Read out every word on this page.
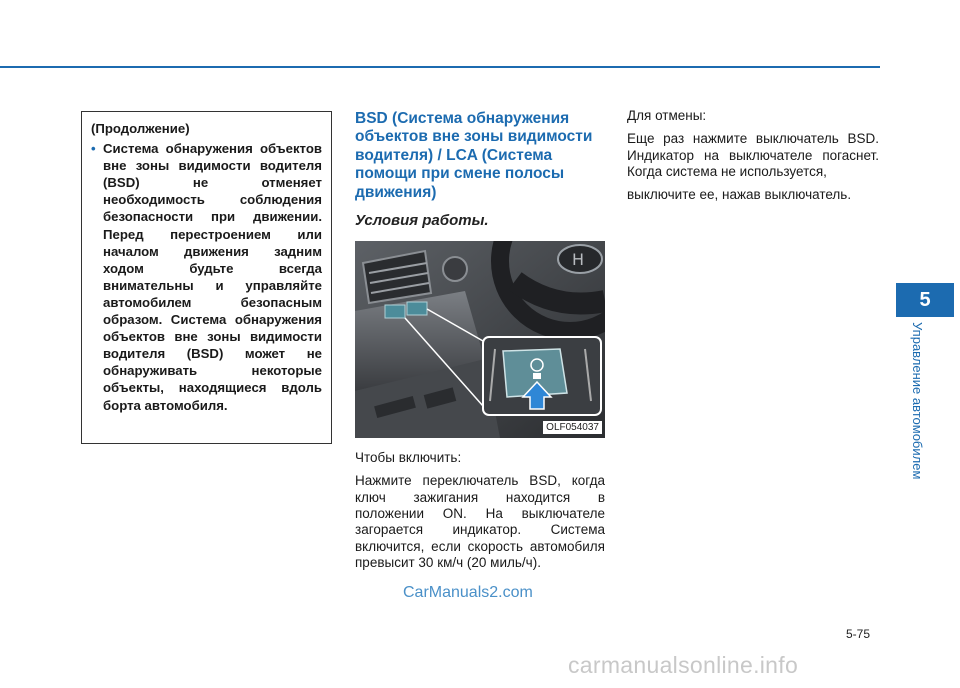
5
Управление автомобилем
(Продолжение)
• Система обнаружения объектов вне зоны видимости водителя (BSD) не отменяет необходимость соблюдения безопасности при движении. Перед перестроением или началом движения задним ходом будьте всегда внимательны и управляйте автомобилем безопасным образом. Система обнаружения объектов вне зоны видимости водителя (BSD) может не обнаруживать некоторые объекты, находящиеся вдоль борта автомобиля.
BSD (Система обнаружения объектов вне зоны видимости водителя) / LCA (Система помощи при смене полосы движения)
Условия работы.
H
OLF054037

Чтобы включить:

Нажмите переключатель BSD, когда ключ зажигания находится в положении ON. На выключателе загорается индикатор. Система включится, если скорость автомобиля превысит 30 км/ч (20 миль/ч).

Для отмены:

Еще раз нажмите выключатель BSD. Индикатор на выключателе погаснет. Когда система не используется,

выключите ее, нажав выключатель.

CarManuals2.com
5-75
carmanualsonline.info
